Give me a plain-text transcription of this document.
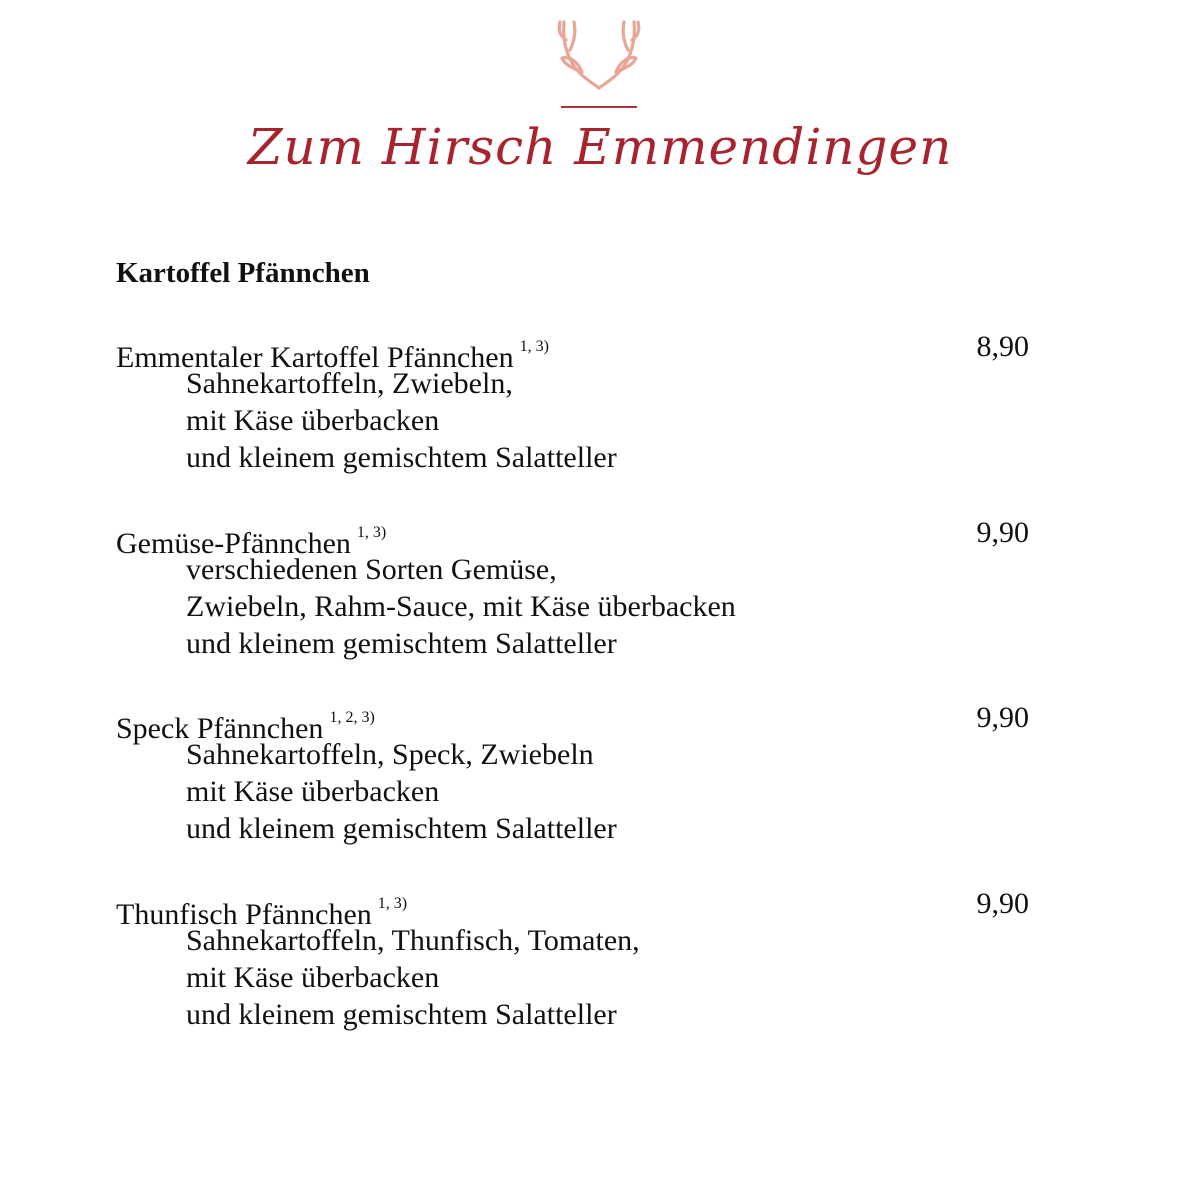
Zum Hirsch Emmendingen
Kartoffel Pfännchen
Emmentaler Kartoffel Pfännchen $^{1, 3)}$	8,90
Sahnekartoffeln, Zwiebeln,
mit Käse überbacken
und kleinem gemischtem Salatteller
Gemüse-Pfännchen $^{1, 3)}$	9,90
verschiedenen Sorten Gemüse,
Zwiebeln, Rahm-Sauce, mit Käse überbacken
und kleinem gemischtem Salatteller
Speck Pfännchen $^{1, 2, 3)}$	9,90
Sahnekartoffeln, Speck, Zwiebeln
mit Käse überbacken
und kleinem gemischtem Salatteller
Thunfisch Pfännchen $^{1, 3)}$	9,90
Sahnekartoffeln, Thunfisch, Tomaten,
mit Käse überbacken
und kleinem gemischtem Salatteller
